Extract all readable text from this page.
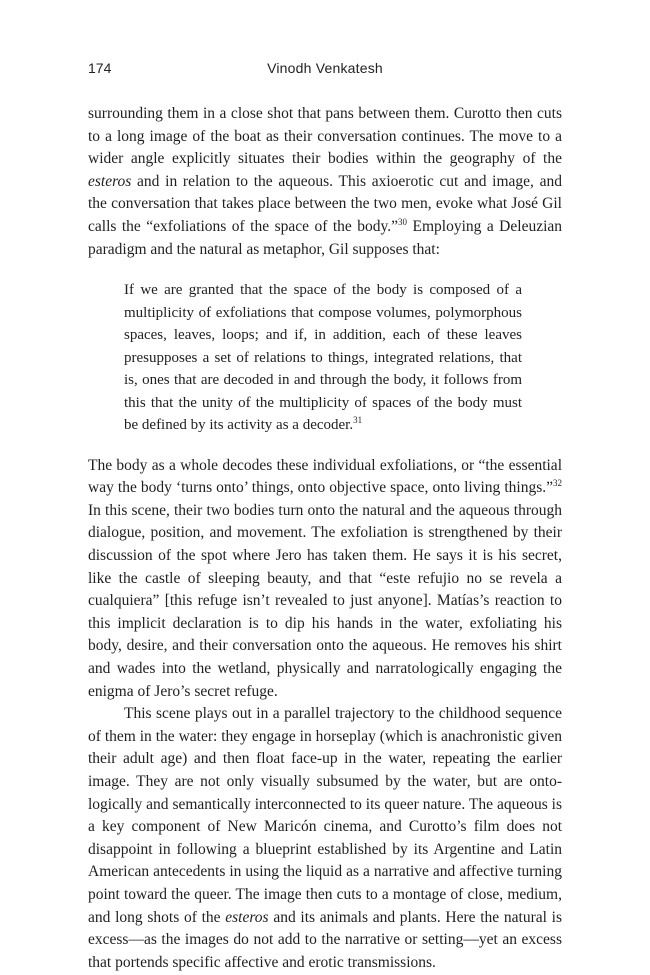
174	Vinodh Venkatesh

surrounding them in a close shot that pans between them. Curotto then cuts to a long image of the boat as their conversation continues. The move to a wider angle explicitly situates their bodies within the geography of the esteros and in relation to the aqueous. This axioerotic cut and image, and the conversation that takes place between the two men, evoke what José Gil calls the “exfoliations of the space of the body.”$^{30}$ Employing a Deleuzian paradigm and the natural as metaphor, Gil supposes that:

If we are granted that the space of the body is composed of a multiplicity of exfoliations that compose volumes, polymorphous spaces, leaves, loops; and if, in addition, each of these leaves presupposes a set of relations to things, integrated relations, that is, ones that are decoded in and through the body, it follows from this that the unity of the multiplicity of spaces of the body must be defined by its activity as a decoder.$^{31}$

The body as a whole decodes these individual exfoliations, or “the essential way the body ‘turns onto’ things, onto objective space, onto living things.”$^{32}$ In this scene, their two bodies turn onto the natural and the aqueous through dialogue, position, and movement. The exfoliation is strengthened by their discussion of the spot where Jero has taken them. He says it is his secret, like the castle of sleeping beauty, and that “este refujio no se revela a cualquiera” [this refuge isn’t revealed to just anyone]. Matías’s reaction to this implicit declaration is to dip his hands in the water, exfoliating his body, desire, and their conversation onto the aqueous. He removes his shirt and wades into the wetland, physically and narratologically engaging the enigma of Jero’s secret refuge.

This scene plays out in a parallel trajectory to the childhood sequence of them in the water: they engage in horseplay (which is anachronistic given their adult age) and then float face-up in the water, repeating the earlier image. They are not only visually subsumed by the water, but are ontologically and semantically interconnected to its queer nature. The aqueous is a key component of New Maricón cinema, and Curotto’s film does not disappoint in following a blueprint established by its Argentine and Latin American antecedents in using the liquid as a narrative and affective turning point toward the queer. The image then cuts to a montage of close, medium, and long shots of the esteros and its animals and plants. Here the natural is excess—as the images do not add to the narrative or setting—yet an excess that portends specific affective and erotic transmissions.
